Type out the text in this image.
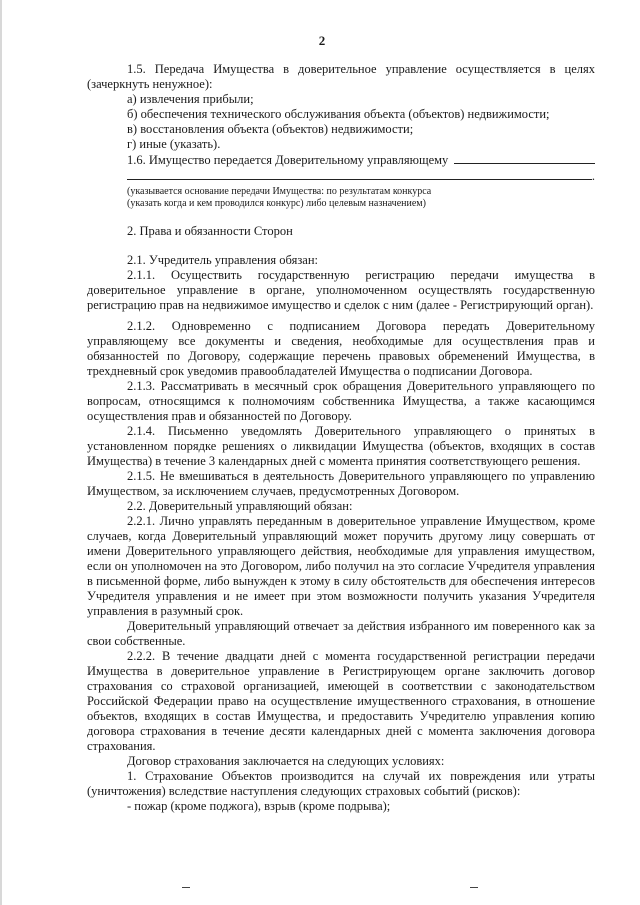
2

1.5. Передача Имущества в доверительное управление осуществляется в целях

(зачеркнуть ненужное):

а) извлечения прибыли;

б) обеспечения технического обслуживания объекта (объектов) недвижимости;

в) восстановления объекта (объектов) недвижимости;

г) иные (указать).

1.6. Имущество передается Доверительному управляющему
.
(указывается основание передачи Имущества: по результатам конкурса
(указать когда и кем проводился конкурс) либо целевым назначением)

2. Права и обязанности Сторон

2.1. Учредитель управления обязан:

2.1.1. Осуществить государственную регистрацию передачи имущества в доверительное управление в органе, уполномоченном осуществлять государственную регистрацию прав на недвижимое имущество и сделок с ним (далее - Регистрирующий орган).

2.1.2. Одновременно с подписанием Договора передать Доверительному управляющему все документы и сведения, необходимые для осуществления прав и обязанностей по Договору, содержащие перечень правовых обременений Имущества, в трехдневный срок уведомив правообладателей Имущества о подписании Договора.

2.1.3. Рассматривать в месячный срок обращения Доверительного управляющего по вопросам, относящимся к полномочиям собственника Имущества, а также касающимся осуществления прав и обязанностей по Договору.

2.1.4. Письменно уведомлять Доверительного управляющего о принятых в установленном порядке решениях о ликвидации Имущества (объектов, входящих в состав Имущества) в течение 3 календарных дней с момента принятия соответствующего решения.

2.1.5. Не вмешиваться в деятельность Доверительного управляющего по управлению Имуществом, за исключением случаев, предусмотренных Договором.

2.2. Доверительный управляющий обязан:

2.2.1. Лично управлять переданным в доверительное управление Имуществом, кроме случаев, когда Доверительный управляющий может поручить другому лицу совершать от имени Доверительного управляющего действия, необходимые для управления имуществом, если он уполномочен на это Договором, либо получил на это согласие Учредителя управления в письменной форме, либо вынужден к этому в силу обстоятельств для обеспечения интересов Учредителя управления и не имеет при этом возможности получить указания Учредителя управления в разумный срок.

Доверительный управляющий отвечает за действия избранного им поверенного как за свои собственные.

2.2.2. В течение двадцати дней с момента государственной регистрации передачи Имущества в доверительное управление в Регистрирующем органе заключить договор страхования со страховой организацией, имеющей в соответствии с законодательством Российской Федерации право на осуществление имущественного страхования, в отношение объектов, входящих в состав Имущества, и предоставить Учредителю управления копию договора страхования в течение десяти календарных дней с момента заключения договора страхования.

Договор страхования заключается на следующих условиях:

1. Страхование Объектов производится на случай их повреждения или утраты (уничтожения) вследствие наступления следующих страховых событий (рисков):

- пожар (кроме поджога), взрыв (кроме подрыва);
